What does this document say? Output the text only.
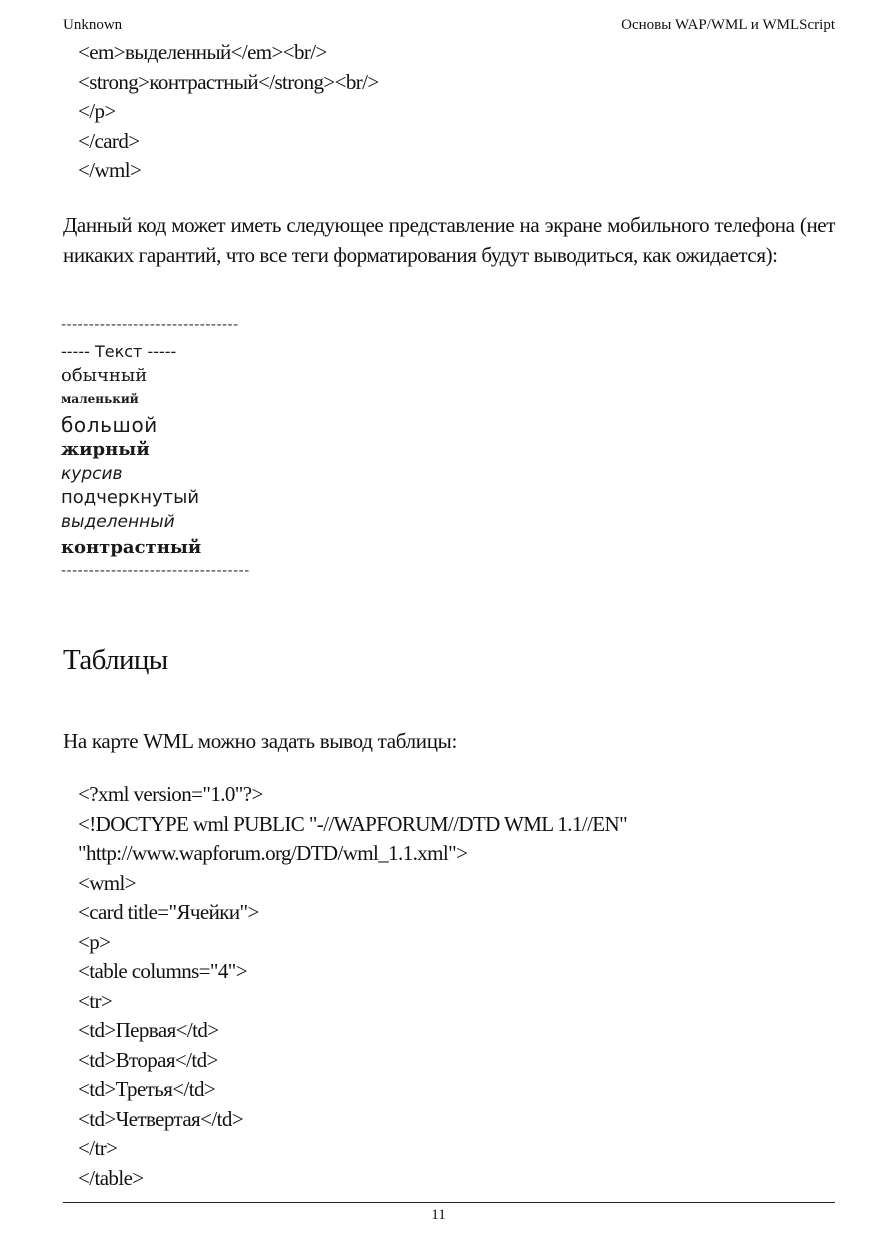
Unknown	Основы WAP/WML и WMLScript
<em>выделенный</em><br/>
<strong>контрастный</strong><br/>
</p>
</card>
</wml>
Данный код может иметь следующее представление на экране мобильного телефона (нет никаких гарантий, что все теги форматирования будут выводиться, как ожидается):
--------------------------------
----- Текст -----
обычный
маленький
большой
жирный
курсив
подчеркнутый
выделенный
контрастный
----------------------------------
Таблицы
На карте WML можно задать вывод таблицы:
<?xml version="1.0"?>
<!DOCTYPE wml PUBLIC "-//WAPFORUM//DTD WML 1.1//EN"
"http://www.wapforum.org/DTD/wml_1.1.xml">
<wml>
<card title="Ячейки">
<p>
<table columns="4">
<tr>
<td>Первая</td>
<td>Вторая</td>
<td>Третья</td>
<td>Четвертая</td>
</tr>
</table>
11
